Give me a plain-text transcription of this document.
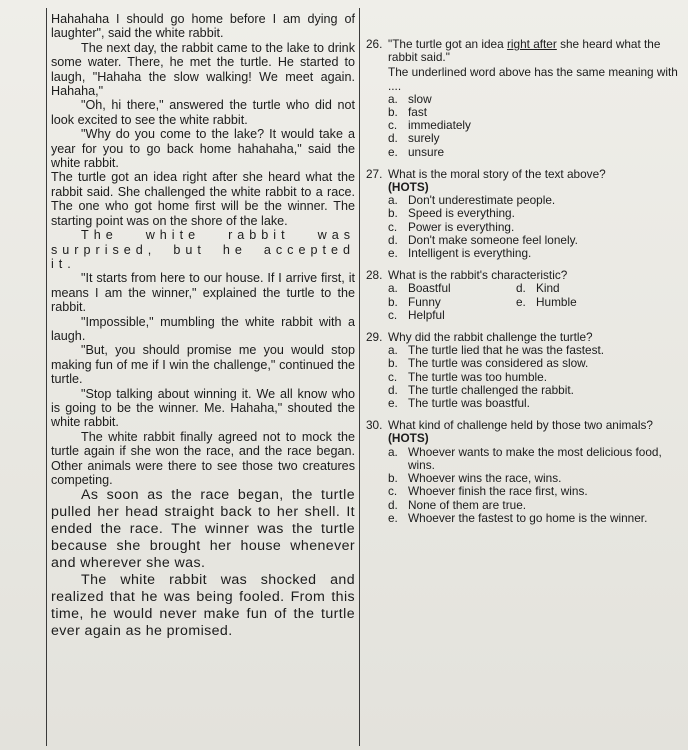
Hahahaha I should go home before I am dying of laughter", said the white rabbit.

The next day, the rabbit came to the lake to drink some water. There, he met the turtle. He started to laugh, "Hahaha the slow walking! We meet again. Hahaha,"

"Oh, hi there," answered the turtle who did not look excited to see the white rabbit.

"Why do you come to the lake? It would take a year for you to go back home hahahaha," said the white rabbit.

The turtle got an idea right after she heard what the rabbit said. She challenged the white rabbit to a race. The one who got home first will be the winner. The starting point was on the shore of the lake.

The white rabbit was surprised, but he accepted it.

"It starts from here to our house. If I arrive first, it means I am the winner," explained the turtle to the rabbit.

"Impossible," mumbling the white rabbit with a laugh.

"But, you should promise me you would stop making fun of me if I win the challenge," continued the turtle.

"Stop talking about winning it. We all know who is going to be the winner. Me. Hahaha," shouted the white rabbit.

The white rabbit finally agreed not to mock the turtle again if she won the race, and the race began. Other animals were there to see those two creatures competing.

As soon as the race began, the turtle pulled her head straight back to her shell. It ended the race. The winner was the turtle because she brought her house whenever and wherever she was.

The white rabbit was shocked and realized that he was being fooled. From this time, he would never make fun of the turtle ever again as he promised.

26. "The turtle got an idea right after she heard what the rabbit said."
The underlined word above has the same meaning with ....
a. slow
b. fast
c. immediately
d. surely
e. unsure
27. What is the moral story of the text above?
(HOTS)
a. Don't underestimate people.
b. Speed is everything.
c. Power is everything.
d. Don't make someone feel lonely.
e. Intelligent is everything.
28. What is the rabbit's characteristic?
a. Boastful	d. Kind
b. Funny	e. Humble
c. Helpful
29. Why did the rabbit challenge the turtle?
a. The turtle lied that he was the fastest.
b. The turtle was considered as slow.
c. The turtle was too humble.
d. The turtle challenged the rabbit.
e. The turtle was boastful.
30. What kind of challenge held by those two animals?
(HOTS)
a. Whoever wants to make the most delicious food, wins.
b. Whoever wins the race, wins.
c. Whoever finish the race first, wins.
d. None of them are true.
e. Whoever the fastest to go home is the winner.
